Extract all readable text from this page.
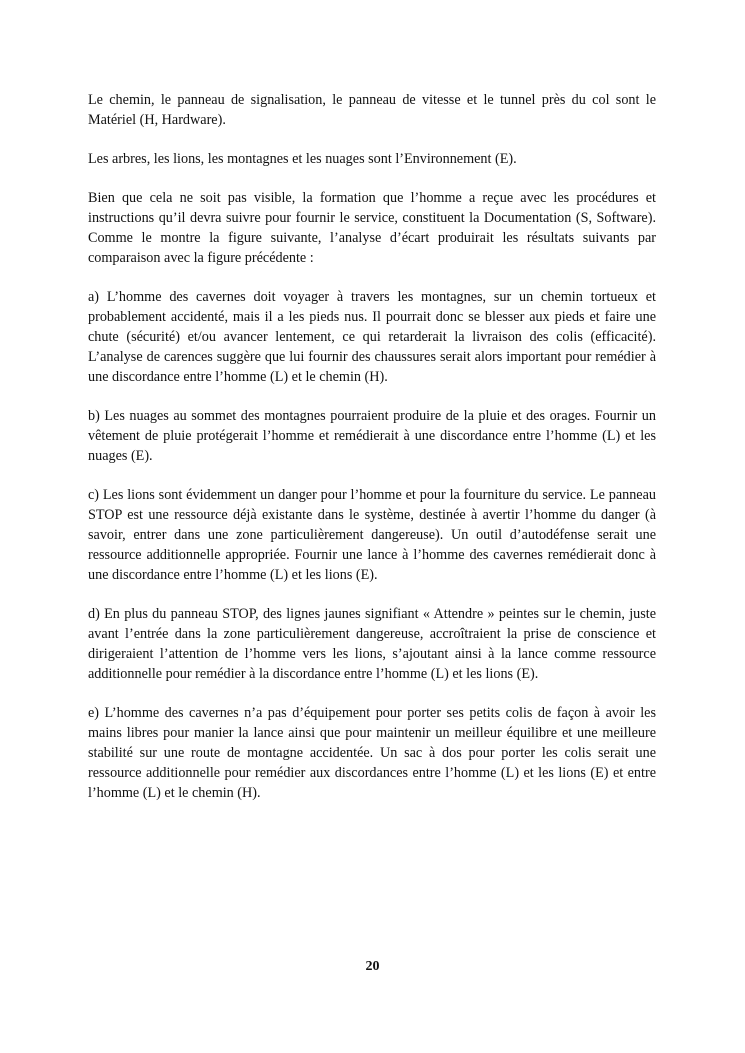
Le chemin, le panneau de signalisation, le panneau de vitesse et le tunnel près du col sont le Matériel (H, Hardware).

Les arbres, les lions, les montagnes et les nuages sont l’Environnement (E).

Bien que cela ne soit pas visible, la formation que l’homme a reçue avec les procédures et instructions qu’il devra suivre pour fournir le service, constituent la Documentation (S, Software). Comme le montre la figure suivante, l’analyse d’écart produirait les résultats suivants par comparaison avec la figure précédente :

a) L’homme des cavernes doit voyager à travers les montagnes, sur un chemin tortueux et probablement accidenté, mais il a les pieds nus. Il pourrait donc se blesser aux pieds et faire une chute (sécurité) et/ou avancer lentement, ce qui retarderait la livraison des colis (efficacité). L’analyse de carences suggère que lui fournir des chaussures serait alors important pour remédier à une discordance entre l’homme (L) et le chemin (H).

b) Les nuages au sommet des montagnes pourraient produire de la pluie et des orages. Fournir un vêtement de pluie protégerait l’homme et remédierait à une discordance entre l’homme (L) et les nuages (E).

c) Les lions sont évidemment un danger pour l’homme et pour la fourniture du service. Le panneau STOP est une ressource déjà existante dans le système, destinée à avertir l’homme du danger (à savoir, entrer dans une zone particulièrement dangereuse). Un outil d’autodéfense serait une ressource additionnelle appropriée. Fournir une lance à l’homme des cavernes remédierait donc à une discordance entre l’homme (L) et les lions (E).

d) En plus du panneau STOP, des lignes jaunes signifiant « Attendre » peintes sur le chemin, juste avant l’entrée dans la zone particulièrement dangereuse, accroîtraient la prise de conscience et dirigeraient l’attention de l’homme vers les lions, s’ajoutant ainsi à la lance comme ressource additionnelle pour remédier à la discordance entre l’homme (L) et les lions (E).

e) L’homme des cavernes n’a pas d’équipement pour porter ses petits colis de façon à avoir les mains libres pour manier la lance ainsi que pour maintenir un meilleur équilibre et une meilleure stabilité sur une route de montagne accidentée. Un sac à dos pour porter les colis serait une ressource additionnelle pour remédier aux discordances entre l’homme (L) et les lions (E) et entre l’homme (L) et le chemin (H).

20
